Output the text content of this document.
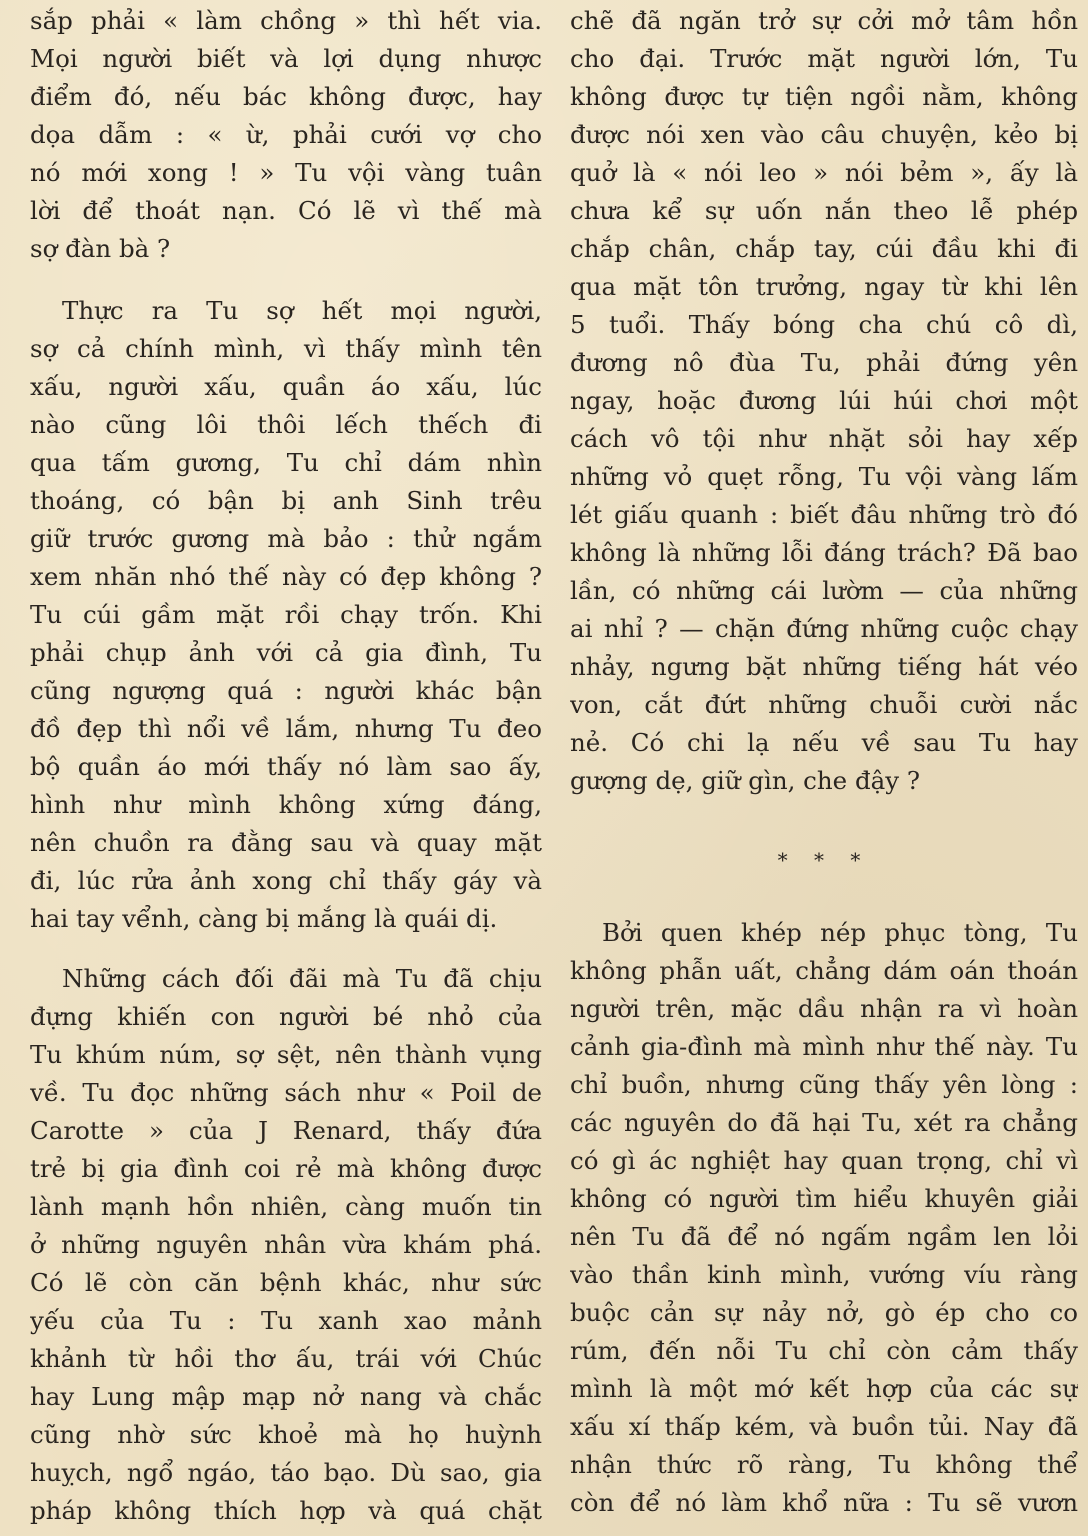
sắp phải « làm chồng » thì hết via.
Mọi người biết và lợi dụng nhược
điểm đó, nếu bác không được, hay
dọa dẫm : « ừ, phải cưới vợ cho
nó mới xong ! » Tu vội vàng tuân
lời để thoát nạn. Có lẽ vì thế mà
sợ đàn bà ?
Thực ra Tu sợ hết mọi người,
sợ cả chính mình, vì thấy mình tên
xấu, người xấu, quần áo xấu, lúc
nào cũng lôi thôi lếch thếch đi
qua tấm gương, Tu chỉ dám nhìn
thoáng, có bận bị anh Sinh trêu
giữ trước gương mà bảo : thử ngắm
xem nhăn nhó thế này có đẹp không ?
Tu cúi gầm mặt rồi chạy trốn. Khi
phải chụp ảnh với cả gia đình, Tu
cũng ngượng quá : người khác bận
đồ đẹp thì nổi về lắm, nhưng Tu đeo
bộ quần áo mới thấy nó làm sao ấy,
hình như mình không xứng đáng,
nên chuồn ra đằng sau và quay mặt
đi, lúc rửa ảnh xong chỉ thấy gáy và
hai tay vểnh, càng bị mắng là quái dị.
Những cách đối đãi mà Tu đã chịu
đựng khiến con người bé nhỏ của
Tu khúm núm, sợ sệt, nên thành vụng
về. Tu đọc những sách như « Poil de
Carotte » của J Renard, thấy đứa
trẻ bị gia đình coi rẻ mà không được
lành mạnh hồn nhiên, càng muốn tin
ở những nguyên nhân vừa khám phá.
Có lẽ còn căn bệnh khác, như sức
yếu của Tu : Tu xanh xao mảnh
khảnh từ hồi thơ ấu, trái với Chúc
hay Lung mập mạp nở nang và chắc
cũng nhờ sức khoẻ mà họ huỳnh
huỵch, ngổ ngáo, táo bạo. Dù sao, gia
pháp không thích hợp và quá chặt
chẽ đã ngăn trở sự cởi mở tâm hồn
cho đại. Trước mặt người lớn, Tu
không được tự tiện ngồi nằm, không
được nói xen vào câu chuyện, kẻo bị
quở là « nói leo » nói bẻm », ấy là
chưa kể sự uốn nắn theo lễ phép
chắp chân, chắp tay, cúi đầu khi đi
qua mặt tôn trưởng, ngay từ khi lên
5 tuổi. Thấy bóng cha chú cô dì,
đương nô đùa Tu, phải đứng yên
ngay, hoặc đương lúi húi chơi một
cách vô tội như nhặt sỏi hay xếp
những vỏ quẹt rỗng, Tu vội vàng lấm
lét giấu quanh : biết đâu những trò đó
không là những lỗi đáng trách? Đã bao
lần, có những cái lườm — của những
ai nhỉ ? — chặn đứng những cuộc chạy
nhảy, ngưng bặt những tiếng hát véo
von, cắt đứt những chuỗi cười nắc
nẻ. Có chi lạ nếu về sau Tu hay
gượng dẹ, giữ gìn, che đậy ?
* * *
Bởi quen khép nép phục tòng, Tu
không phẫn uất, chẳng dám oán thoán
người trên, mặc dầu nhận ra vì hoàn
cảnh gia-đình mà mình như thế này. Tu
chỉ buồn, nhưng cũng thấy yên lòng :
các nguyên do đã hại Tu, xét ra chẳng
có gì ác nghiệt hay quan trọng, chỉ vì
không có người tìm hiểu khuyên giải
nên Tu đã để nó ngấm ngầm len lỏi
vào thần kinh mình, vướng víu ràng
buộc cản sự nảy nở, gò ép cho co
rúm, đến nỗi Tu chỉ còn cảm thấy
mình là một mớ kết hợp của các sự
xấu xí thấp kém, và buồn tủi. Nay đã
nhận thức rõ ràng, Tu không thể
còn để nó làm khổ nữa : Tu sẽ vươn
